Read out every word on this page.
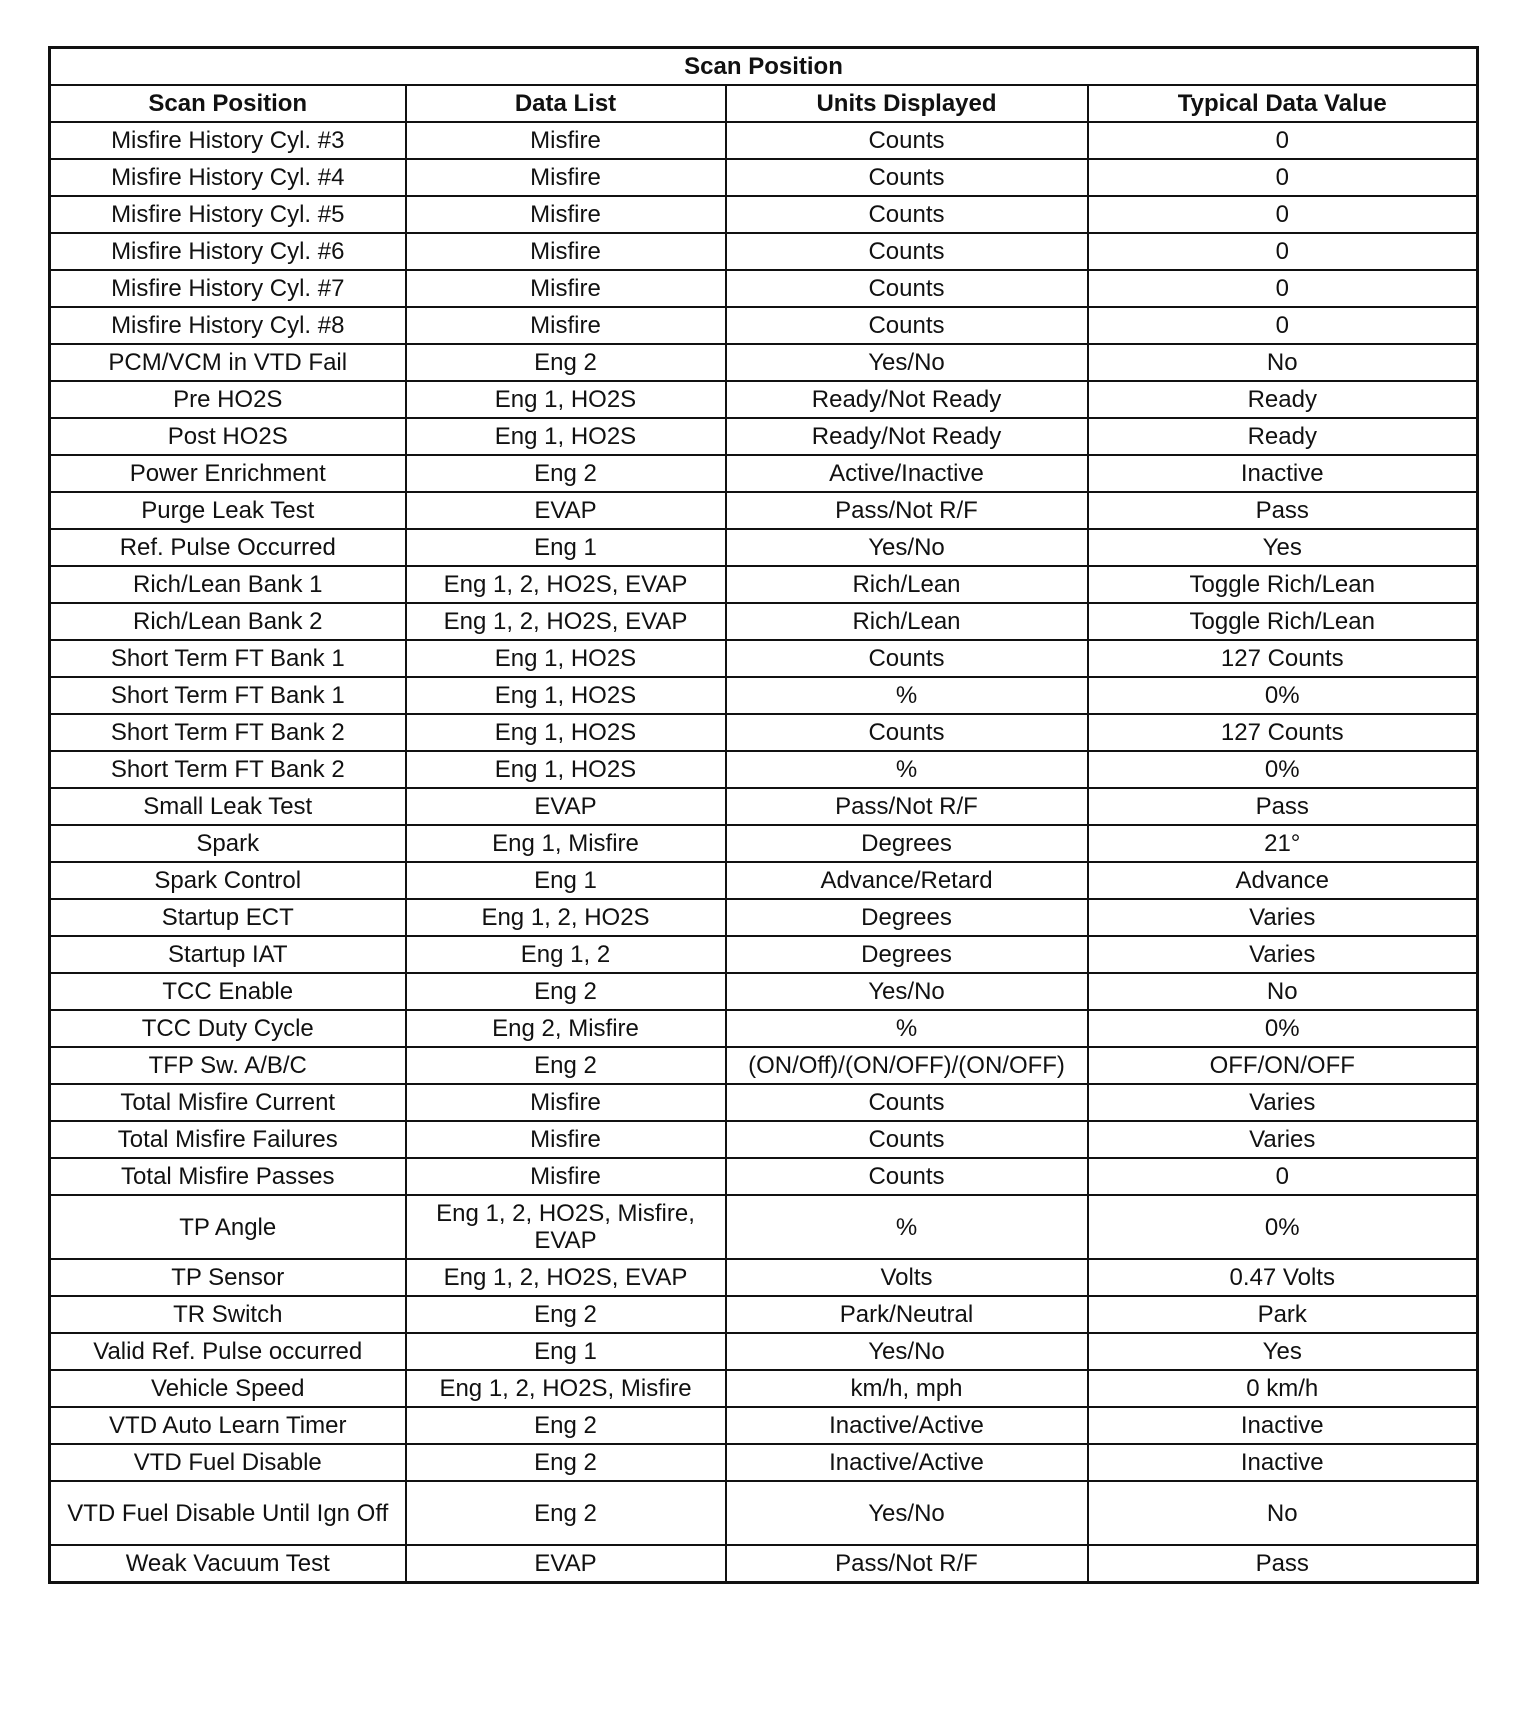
Scan Position			
Scan Position	Data List	Units Displayed	Typical Data Value
Misfire History Cyl. #3	Misfire	Counts	0
Misfire History Cyl. #4	Misfire	Counts	0
Misfire History Cyl. #5	Misfire	Counts	0
Misfire History Cyl. #6	Misfire	Counts	0
Misfire History Cyl. #7	Misfire	Counts	0
Misfire History Cyl. #8	Misfire	Counts	0
PCM/VCM in VTD Fail	Eng 2	Yes/No	No
Pre HO2S	Eng 1, HO2S	Ready/Not Ready	Ready
Post HO2S	Eng 1, HO2S	Ready/Not Ready	Ready
Power Enrichment	Eng 2	Active/Inactive	Inactive
Purge Leak Test	EVAP	Pass/Not R/F	Pass
Ref. Pulse Occurred	Eng 1	Yes/No	Yes
Rich/Lean Bank 1	Eng 1, 2, HO2S, EVAP	Rich/Lean	Toggle Rich/Lean
Rich/Lean Bank 2	Eng 1, 2, HO2S, EVAP	Rich/Lean	Toggle Rich/Lean
Short Term FT Bank 1	Eng 1, HO2S	Counts	127 Counts
Short Term FT Bank 1	Eng 1, HO2S	%	0%
Short Term FT Bank 2	Eng 1, HO2S	Counts	127 Counts
Short Term FT Bank 2	Eng 1, HO2S	%	0%
Small Leak Test	EVAP	Pass/Not R/F	Pass
Spark	Eng 1, Misfire	Degrees	21°
Spark Control	Eng 1	Advance/Retard	Advance
Startup ECT	Eng 1, 2, HO2S	Degrees	Varies
Startup IAT	Eng 1, 2	Degrees	Varies
TCC Enable	Eng 2	Yes/No	No
TCC Duty Cycle	Eng 2, Misfire	%	0%
TFP Sw. A/B/C	Eng 2	(ON/Off)/(ON/OFF)/(ON/OFF)	OFF/ON/OFF
Total Misfire Current	Misfire	Counts	Varies
Total Misfire Failures	Misfire	Counts	Varies
Total Misfire Passes	Misfire	Counts	0
TP Angle	Eng 1, 2, HO2S, Misfire, EVAP	%	0%
TP Sensor	Eng 1, 2, HO2S, EVAP	Volts	0.47 Volts
TR Switch	Eng 2	Park/Neutral	Park
Valid Ref. Pulse occurred	Eng 1	Yes/No	Yes
Vehicle Speed	Eng 1, 2, HO2S, Misfire	km/h, mph	0 km/h
VTD Auto Learn Timer	Eng 2	Inactive/Active	Inactive
VTD Fuel Disable	Eng 2	Inactive/Active	Inactive
VTD Fuel Disable Until Ign Off	Eng 2	Yes/No	No
Weak Vacuum Test	EVAP	Pass/Not R/F	Pass
